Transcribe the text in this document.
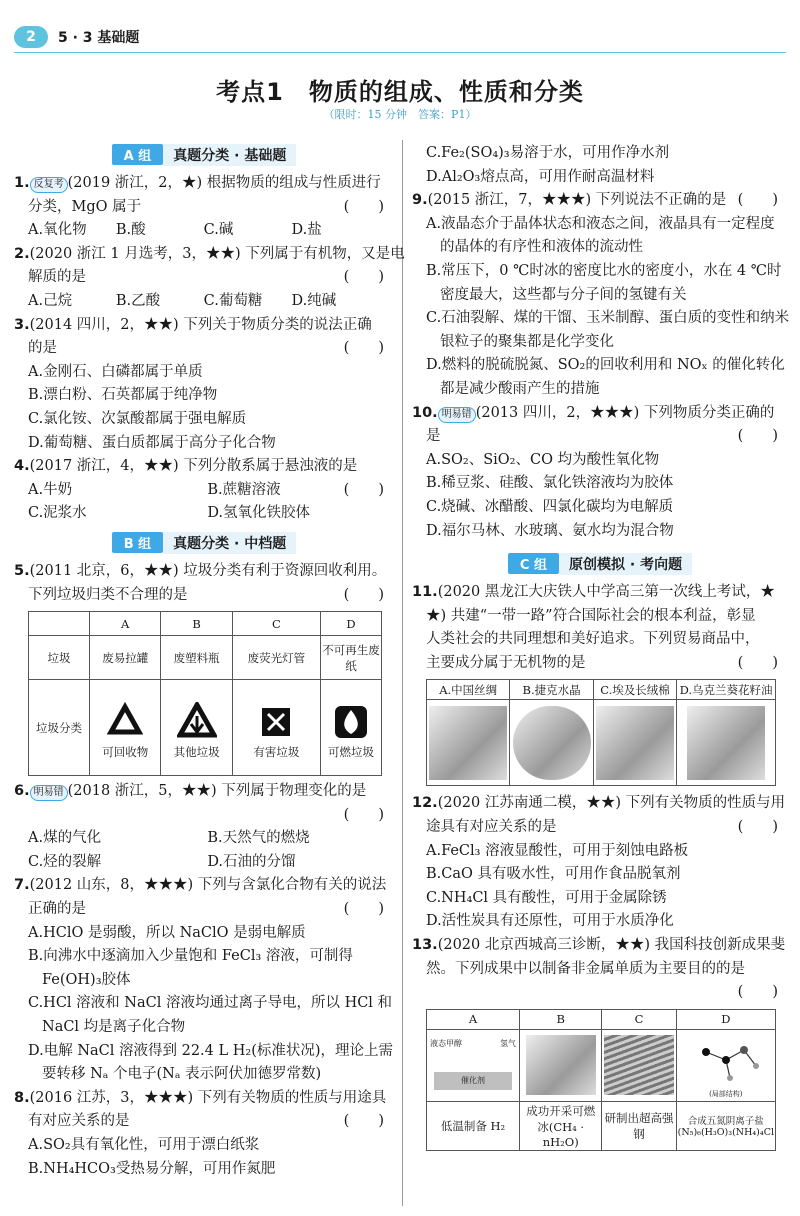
2	5 · 3 基础题
考点1　物质的组成、性质和分类
（限时：15 分钟　答案：P1）
A 组 真题分类 · 基础题
1. 反复考 (2019 浙江，2，★) 根据物质的组成与性质进行
分类，MgO 属于	(　　)
A.氧化物 B.酸	C.碱	D.盐
2.(2020 浙江 1 月选考，3，★★) 下列属于有机物，又是电
解质的是	(　　)
A.己烷	B.乙酸	C.葡萄糖 D.纯碱
3.(2014 四川，2，★★) 下列关于物质分类的说法正确
的是	(　　)
A.金刚石、白磷都属于单质
B.漂白粉、石英都属于纯净物
C.氯化铵、次氯酸都属于强电解质
D.葡萄糖、蛋白质都属于高分子化合物
4.(2017 浙江，4，★★) 下列分散系属于悬浊液的是
(　　)
A.牛奶	B.蔗糖溶液
C.泥浆水	D.氢氧化铁胶体
B 组 真题分类 · 中档题
5.(2011 北京，6，★★) 垃圾分类有利于资源回收利用。
下列垃圾归类不合理的是	(　　)
	A	B	C	D
垃圾	废易拉罐	废塑料瓶	废荧光灯管	不可再生废纸
垃圾分类	可回收物	其他垃圾	有害垃圾	可燃垃圾
6. 明易错 (2018 浙江，5，★★) 下列属于物理变化的是
(　　)

A.煤的气化	B.天然气的燃烧
C.烃的裂解	D.石油的分馏
7.(2012 山东，8，★★★) 下列与含氯化合物有关的说法
正确的是	(　　)
A.HClO 是弱酸，所以 NaClO 是弱电解质
B.向沸水中逐滴加入少量饱和 FeCl₃ 溶液，可制得
Fe(OH)₃胶体
C.HCl 溶液和 NaCl 溶液均通过离子导电，所以 HCl 和
NaCl 均是离子化合物
D.电解 NaCl 溶液得到 22.4 L H₂(标准状况)，理论上需
要转移 Nₐ 个电子(Nₐ 表示阿伏加德罗常数)
8.(2016 江苏，3，★★★) 下列有关物质的性质与用途具
有对应关系的是	(　　)
A.SO₂具有氧化性，可用于漂白纸浆
B.NH₄HCO₃受热易分解，可用作氮肥
C.Fe₂(SO₄)₃易溶于水，可用作净水剂
D.Al₂O₃熔点高，可用作耐高温材料
9.(2015 浙江，7，★★★) 下列说法不正确的是 (　　)
A.液晶态介于晶体状态和液态之间，液晶具有一定程度
的晶体的有序性和液体的流动性
B.常压下，0 ℃时冰的密度比水的密度小，水在 4 ℃时
密度最大，这些都与分子间的氢键有关
C.石油裂解、煤的干馏、玉米制醇、蛋白质的变性和纳米
银粒子的聚集都是化学变化
D.燃料的脱硫脱氮、SO₂的回收利用和 NOₓ 的催化转化
都是减少酸雨产生的措施
10. 明易错 (2013 四川，2，★★★) 下列物质分类正确的
是	(　　)
A.SO₂、SiO₂、CO 均为酸性氧化物
B.稀豆浆、硅酸、氯化铁溶液均为胶体
C.烧碱、冰醋酸、四氯化碳均为电解质
D.福尔马林、水玻璃、氨水均为混合物
C 组 原创模拟 · 考向题
11.(2020 黑龙江大庆铁人中学高三第一次线上考试，★
★) 共建“一带一路”符合国际社会的根本利益，彰显
人类社会的共同理想和美好追求。下列贸易商品中，
主要成分属于无机物的是	(　　)
A.中国丝绸	B.捷克水晶	C.埃及长绒棉	D.乌克兰葵花籽油

12.(2020 江苏南通二模，★★) 下列有关物质的性质与用
途具有对应关系的是	(　　)
A.FeCl₃ 溶液显酸性，可用于刻蚀电路板
B.CaO 具有吸水性，可用作食品脱氧剂
C.NH₄Cl 具有酸性，可用于金属除锈
D.活性炭具有还原性，可用于水质净化
13.(2020 北京西城高三诊断，★★) 我国科技创新成果斐
然。下列成果中以制备非金属单质为主要目的的是
(　　)

A	B	C	D

液态甲醇 氢气
催化剂			(局部结构)

低温制备 H₂	成功开采可燃冰(CH₄ · nH₂O)	研制出超高强钢	合成五氮阴离子盐(N₅)₆(H₃O)₃(NH₄)₄Cl
